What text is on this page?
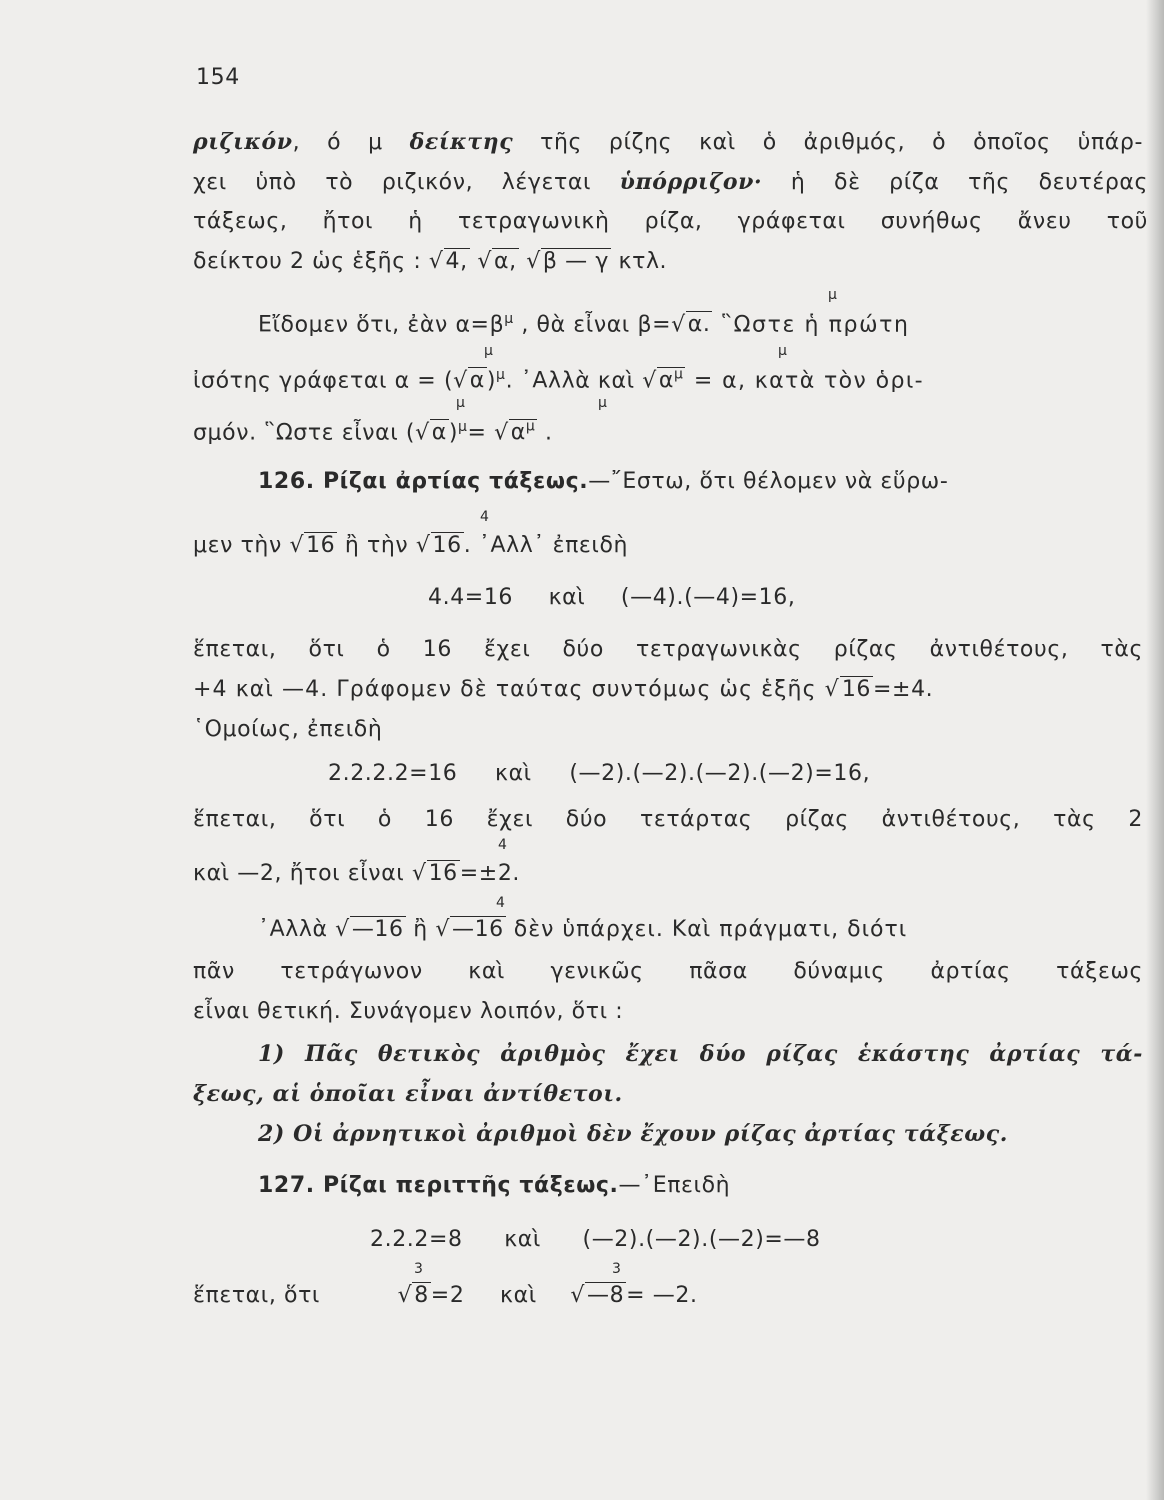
154
ριζικόν, ό μ δείκτης τῆς ρίζης καὶ ὁ ἀριθμός, ὁ ὁποῖος ὑπάρ-
χει ὑπὸ τὸ ριζικόν, λέγεται ὑπόρριζον· ἡ δὲ ρίζα τῆς δευτέρας
τάξεως, ἤτοι ἡ τετραγωνικὴ ρίζα, γράφεται συνήθως ἄνευ τοῦ
δείκτου 2 ὡς ἑξῆς : √4, √α, √β — γ κτλ.
μ
Εἴδομεν ὅτι, ἐὰν $\alpha=\beta^\mu$ , θὰ εἶναι β=√α. ῝Ωστε ἡ πρώτη
μ	μ
ἰσότης γράφεται $\alpha = (√\alpha)^\mu$. ᾿Αλλὰ καὶ $√\alpha^\mu = \alpha$, κατὰ τὸν ὁρι-
μ	μ
σμόν. ῝Ωστε εἶναι $(√\alpha)^\mu= √\alpha^\mu$ .
126. Ρίζαι ἀρτίας τάξεως.—῎Εστω, ὅτι θέλομεν νὰ εὕρω-
4
μεν τὴν √16 ἢ τὴν √16. ᾿Αλλ᾿ ἐπειδὴ
4.4=16 καὶ (—4).(—4)=16,
ἕπεται, ὅτι ὁ 16 ἔχει δύο τετραγωνικὰς ρίζας ἀντιθέτους, τὰς
+4 καὶ —4. Γράφομεν δὲ ταύτας συντόμως ὡς ἑξῆς √16=±4.
῾Ομοίως, ἐπειδὴ
2.2.2.2=16 καὶ (—2).(—2).(—2).(—2)=16,
ἕπεται, ὅτι ὁ 16 ἔχει δύο τετάρτας ρίζας ἀντιθέτους, τὰς 2
4
καὶ —2, ἤτοι εἶναι √16=±2.
4
᾿Αλλὰ √—16 ἢ √—16 δὲν ὑπάρχει. Καὶ πράγματι, διότι
πᾶν τετράγωνον καὶ γενικῶς πᾶσα δύναμις ἀρτίας τάξεως
εἶναι θετική. Συνάγομεν λοιπόν, ὅτι :
1) Πᾶς θετικὸς ἀριθμὸς ἔχει δύο ρίζας ἑκάστης ἀρτίας τά-
ξεως, αἱ ὁποῖαι εἶναι ἀντίθετοι.
2) Οἱ ἀρνητικοὶ ἀριθμοὶ δὲν ἔχουν ρίζας ἀρτίας τάξεως.
127. Ρίζαι περιττῆς τάξεως.—᾿Επειδὴ
2.2.2=8 καὶ (—2).(—2).(—2)=—8
3	3
ἕπεται, ὅτι	√8=2 καὶ √—8= —2.
